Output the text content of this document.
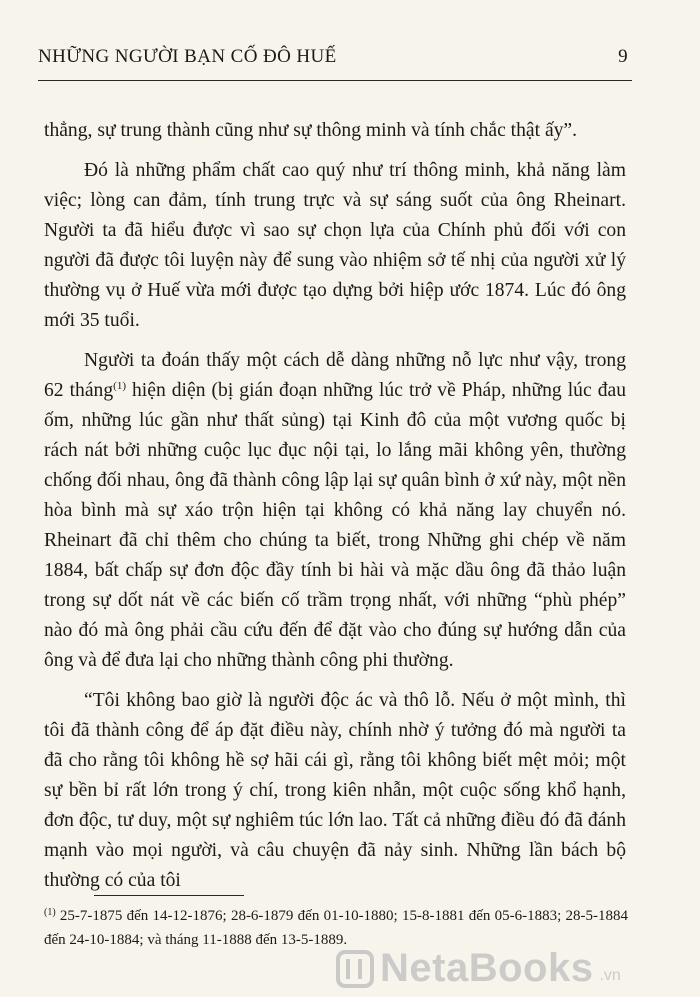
NHỮNG NGƯỜI BẠN CỐ ĐÔ HUẾ	9

thẳng, sự trung thành cũng như sự thông minh và tính chắc thật ấy”.

Đó là những phẩm chất cao quý như trí thông minh, khả năng làm việc; lòng can đảm, tính trung trực và sự sáng suốt của ông Rheinart. Người ta đã hiểu được vì sao sự chọn lựa của Chính phủ đối với con người đã được tôi luyện này để sung vào nhiệm sở tế nhị của người xử lý thường vụ ở Huế vừa mới được tạo dựng bởi hiệp ước 1874. Lúc đó ông mới 35 tuổi.

Người ta đoán thấy một cách dễ dàng những nỗ lực như vậy, trong 62 tháng$^{(1)}$ hiện diện (bị gián đoạn những lúc trở về Pháp, những lúc đau ốm, những lúc gần như thất sủng) tại Kinh đô của một vương quốc bị rách nát bởi những cuộc lục đục nội tại, lo lắng mãi không yên, thường chống đối nhau, ông đã thành công lập lại sự quân bình ở xứ này, một nền hòa bình mà sự xáo trộn hiện tại không có khả năng lay chuyển nó. Rheinart đã chỉ thêm cho chúng ta biết, trong Những ghi chép về năm 1884, bất chấp sự đơn độc đầy tính bi hài và mặc dầu ông đã thảo luận trong sự dốt nát về các biến cố trầm trọng nhất, với những “phù phép” nào đó mà ông phải cầu cứu đến để đặt vào cho đúng sự hướng dẫn của ông và để đưa lại cho những thành công phi thường.

“Tôi không bao giờ là người độc ác và thô lỗ. Nếu ở một mình, thì tôi đã thành công để áp đặt điều này, chính nhờ ý tưởng đó mà người ta đã cho rằng tôi không hề sợ hãi cái gì, rằng tôi không biết mệt mỏi; một sự bền bỉ rất lớn trong ý chí, trong kiên nhẫn, một cuộc sống khổ hạnh, đơn độc, tư duy, một sự nghiêm túc lớn lao. Tất cả những điều đó đã đánh mạnh vào mọi người, và câu chuyện đã nảy sinh. Những lần bách bộ thường có của tôi

$^{(1)}$ 25-7-1875 đến 14-12-1876; 28-6-1879 đến 01-10-1880; 15-8-1881 đến 05-6-1883; 28-5-1884 đến 24-10-1884; và tháng 11-1888 đến 13-5-1889.
NetaBooks .vn
